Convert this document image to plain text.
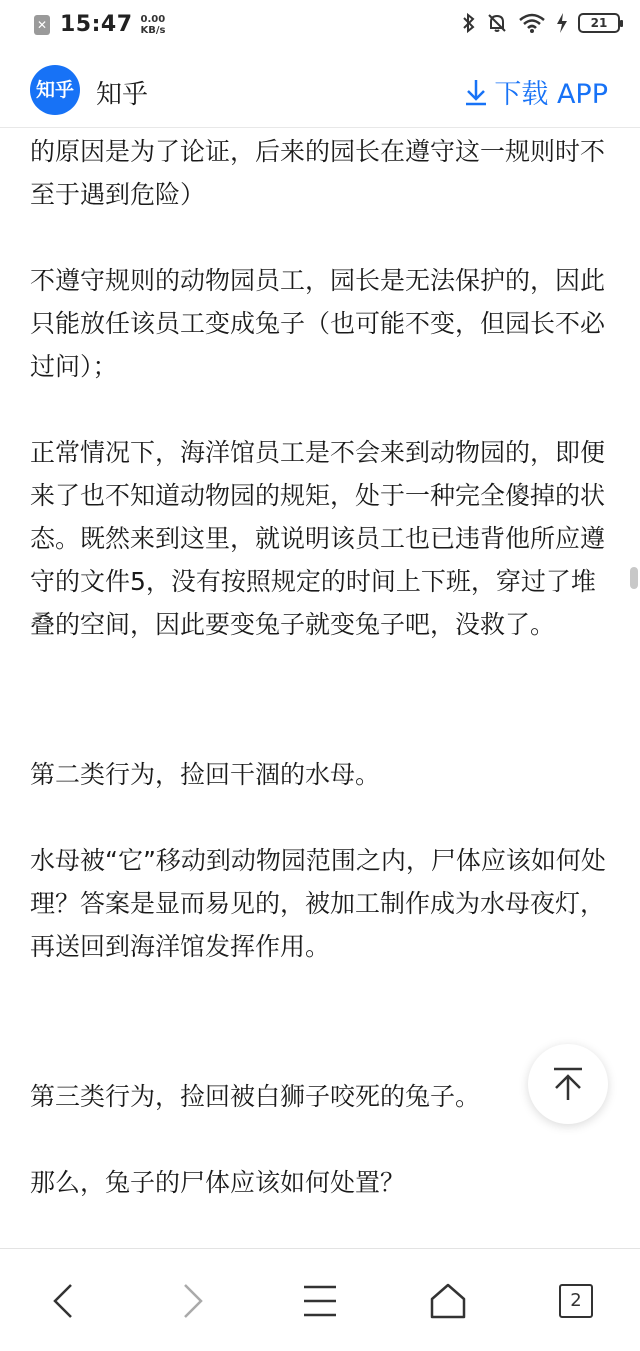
✕ 15:47 0.00
KB/s	21
知乎 知乎	下载 APP

的原因是为了论证，后来的园长在遵守这一规则时不至于遇到危险）

不遵守规则的动物园员工，园长是无法保护的，因此只能放任该员工变成兔子（也可能不变，但园长不必过问）；

正常情况下，海洋馆员工是不会来到动物园的，即便来了也不知道动物园的规矩，处于一种完全傻掉的状态。既然来到这里，就说明该员工也已违背他所应遵守的文件5，没有按照规定的时间上下班，穿过了堆叠的空间，因此要变兔子就变兔子吧，没救了。

第二类行为，捡回干涸的水母。

水母被“它”移动到动物园范围之内，尸体应该如何处理？答案是显而易见的，被加工制作成为水母夜灯，再送回到海洋馆发挥作用。

第三类行为，捡回被白狮子咬死的兔子。

那么，兔子的尸体应该如何处置？

2
